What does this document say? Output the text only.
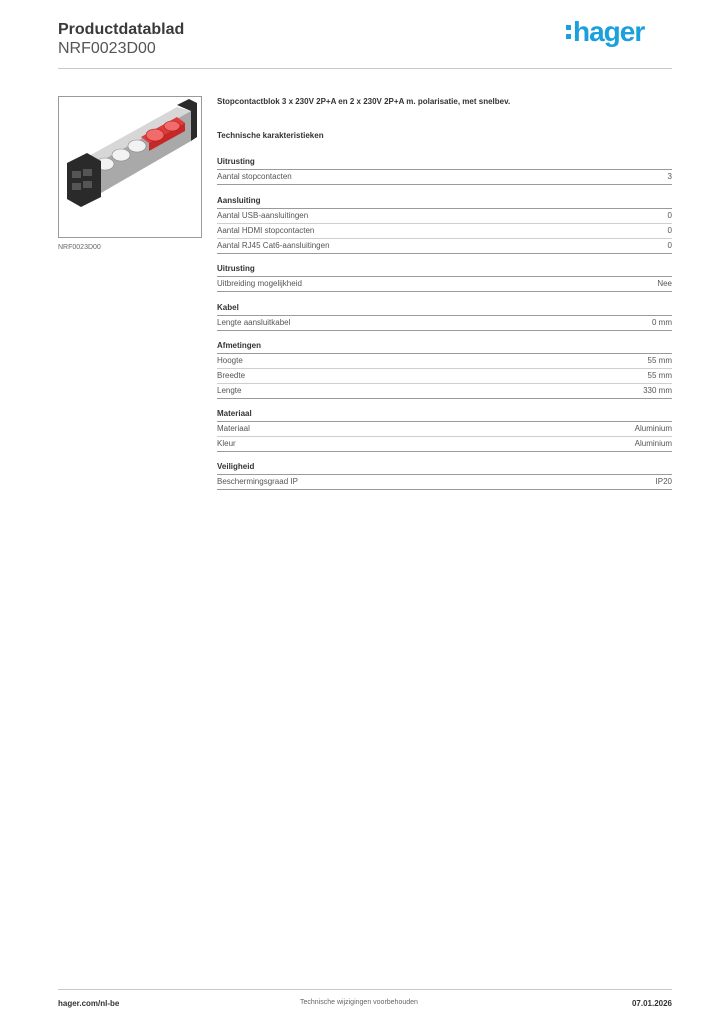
Productdatablad
NRF0023D00
hager
NRF0023D00
Stopcontactblok 3 x 230V 2P+A en 2 x 230V 2P+A m. polarisatie, met snelbev.
Technische karakteristieken
Uitrusting
Aantal stopcontacten	3
Aansluiting
Aantal USB-aansluitingen	0
Aantal HDMI stopcontacten	0
Aantal RJ45 Cat6-aansluitingen	0
Uitrusting
Uitbreiding mogelijkheid	Nee
Kabel
Lengte aansluitkabel	0 mm
Afmetingen
Hoogte	55 mm
Breedte	55 mm
Lengte	330 mm
Materiaal
Materiaal	Aluminium
Kleur	Aluminium
Veiligheid
Beschermingsgraad IP	IP20
hager.com/nl-be	Technische wijzigingen voorbehouden	07.01.2026
